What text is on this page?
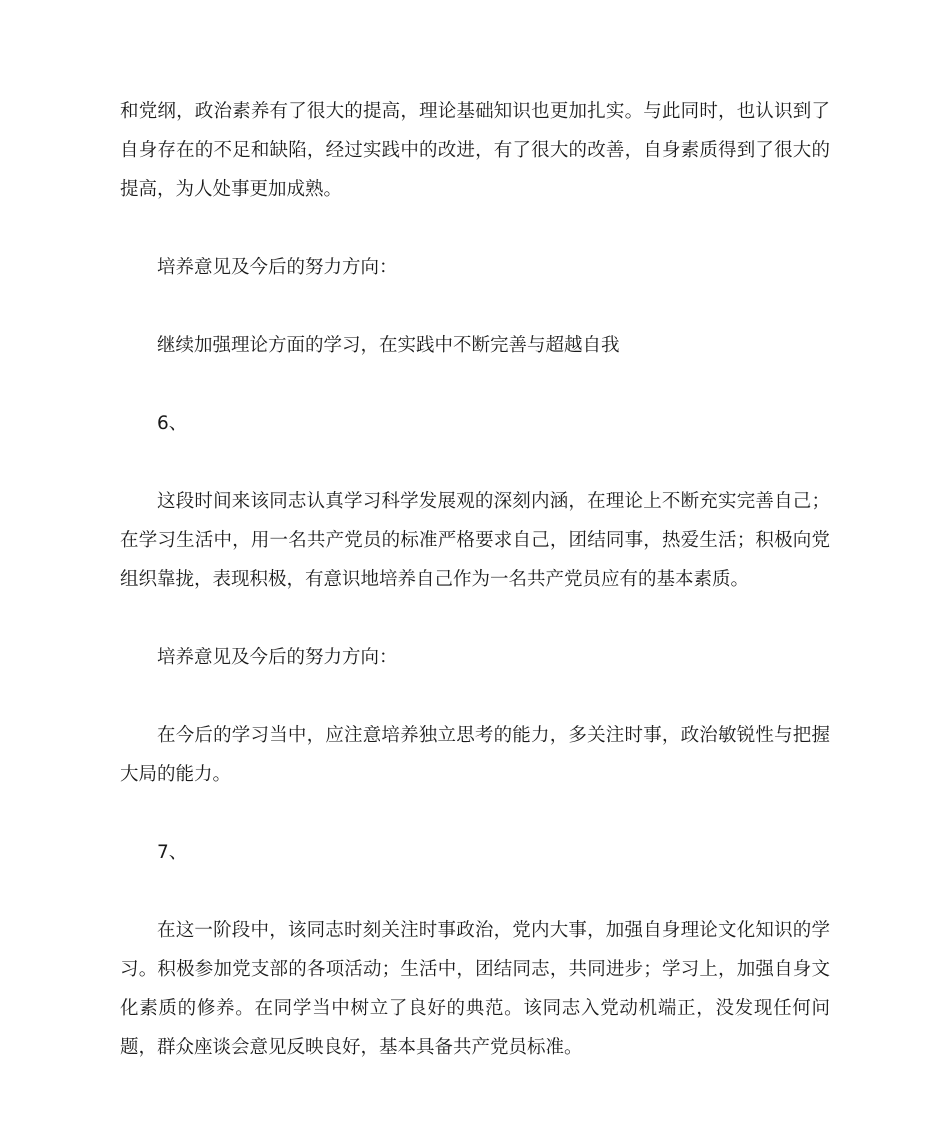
和党纲，政治素养有了很大的提高，理论基础知识也更加扎实。与此同时，也认识到了自身存在的不足和缺陷，经过实践中的改进，有了很大的改善，自身素质得到了很大的提高，为人处事更加成熟。

培养意见及今后的努力方向：

继续加强理论方面的学习，在实践中不断完善与超越自我

6、

这段时间来该同志认真学习科学发展观的深刻内涵，在理论上不断充实完善自己；在学习生活中，用一名共产党员的标准严格要求自己，团结同事，热爱生活；积极向党组织靠拢，表现积极，有意识地培养自己作为一名共产党员应有的基本素质。

培养意见及今后的努力方向：

在今后的学习当中，应注意培养独立思考的能力，多关注时事，政治敏锐性与把握大局的能力。

7、

在这一阶段中，该同志时刻关注时事政治，党内大事，加强自身理论文化知识的学习。积极参加党支部的各项活动；生活中，团结同志，共同进步；学习上，加强自身文化素质的修养。在同学当中树立了良好的典范。该同志入党动机端正，没发现任何问题，群众座谈会意见反映良好，基本具备共产党员标准。
